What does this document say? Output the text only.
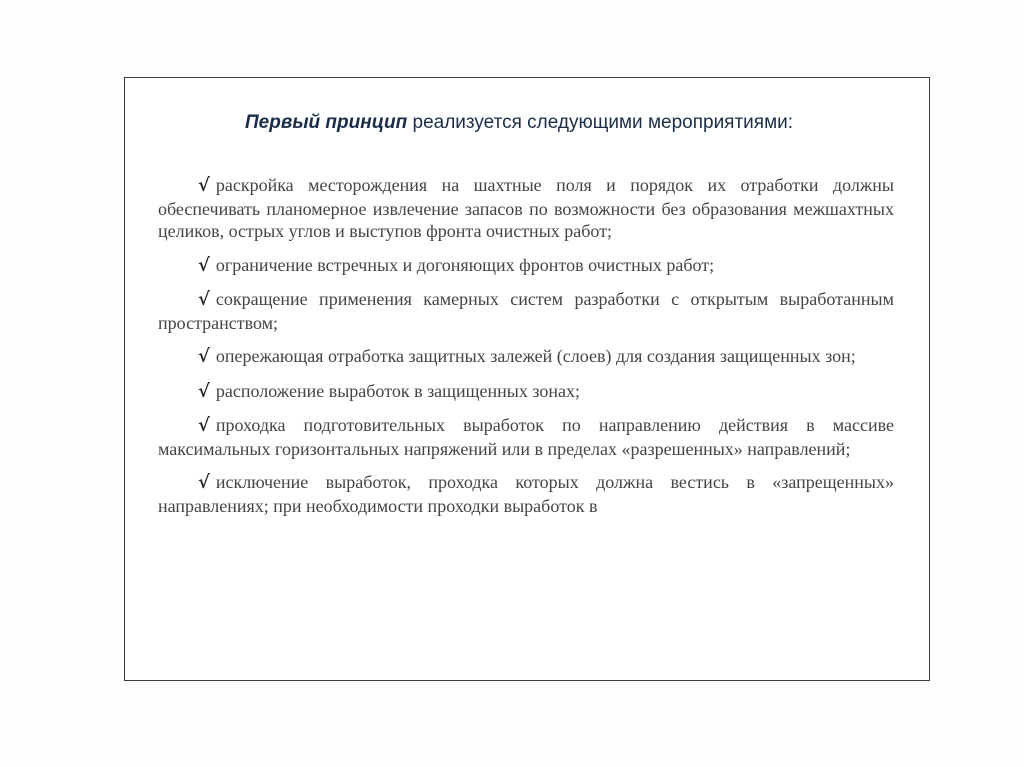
Первый принцип реализуется следующими мероприятиями:

√ раскройка месторождения на шахтные поля и порядок их отработки должны обеспечивать планомерное извлечение запасов по возможности без образования межшахтных целиков, острых углов и выступов фронта очистных работ;

√ ограничение встречных и догоняющих фронтов очистных работ;

√ сокращение применения камерных систем разработки с открытым выработанным пространством;

√ опережающая отработка защитных залежей (слоев) для создания защищенных зон;

√ расположение выработок в защищенных зонах;

√ проходка подготовительных выработок по направлению действия в массиве максимальных горизонтальных напряжений или в пределах «разрешенных» направлений;

√ исключение выработок, проходка которых должна вестись в «запрещенных» направлениях; при необходимости проходки выработок в
